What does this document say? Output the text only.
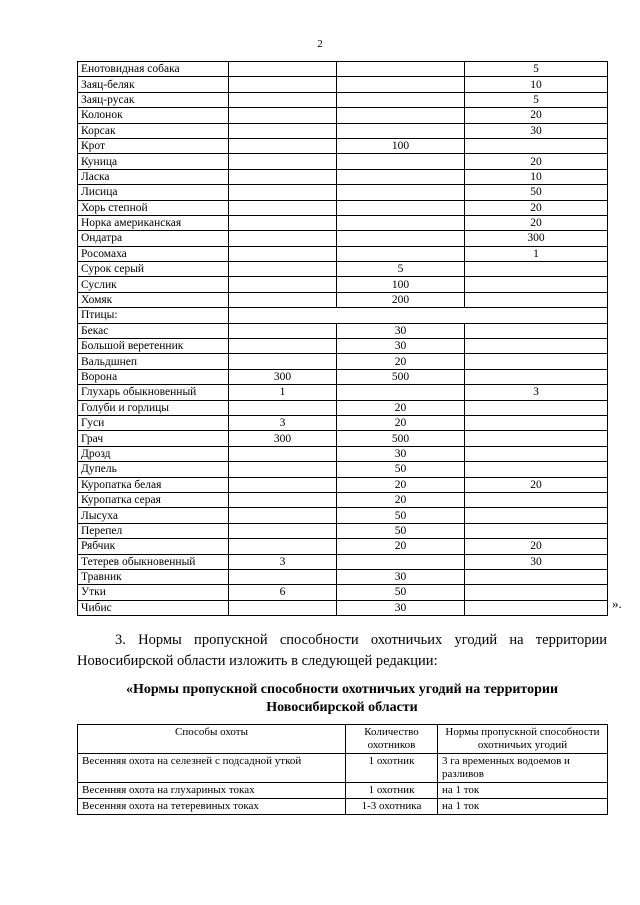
2
Енотовидная собака			5
Заяц-беляк			10
Заяц-русак			5
Колонок			20
Корсак			30
Крот		100	
Куница			20
Ласка			10
Лисица			50
Хорь степной			20
Норка американская			20
Ондатра			300
Росомаха			1
Сурок серый		5	
Суслик		100	
Хомяк		200	
Птицы:			
Бекас		30	
Большой веретенник		30	
Вальдшнеп		20	
Ворона	300	500	
Глухарь обыкновенный	1		3
Голуби и горлицы		20	
Гуси	3	20	
Грач	300	500	
Дрозд		30	
Дупель		50	
Куропатка белая		20	20
Куропатка серая		20	
Лысуха		50	
Перепел		50	
Рябчик		20	20
Тетерев обыкновенный	3		30
Травник		30	
Утки	6	50	
Чибис		30		».
3. Нормы пропускной способности охотничьих угодий на территории Новосибирской области изложить в следующей редакции:
«Нормы пропускной способности охотничьих угодий на территории Новосибирской области
Способы охоты	Количество охотников	Нормы пропускной способности охотничьих угодий
Весенняя охота на селезней с подсадной уткой	1 охотник	3 га временных водоемов и разливов
Весенняя охота на глухариных токах	1 охотник	на 1 ток
Весенняя охота на тетеревиных токах	1-3 охотника	на 1 ток
